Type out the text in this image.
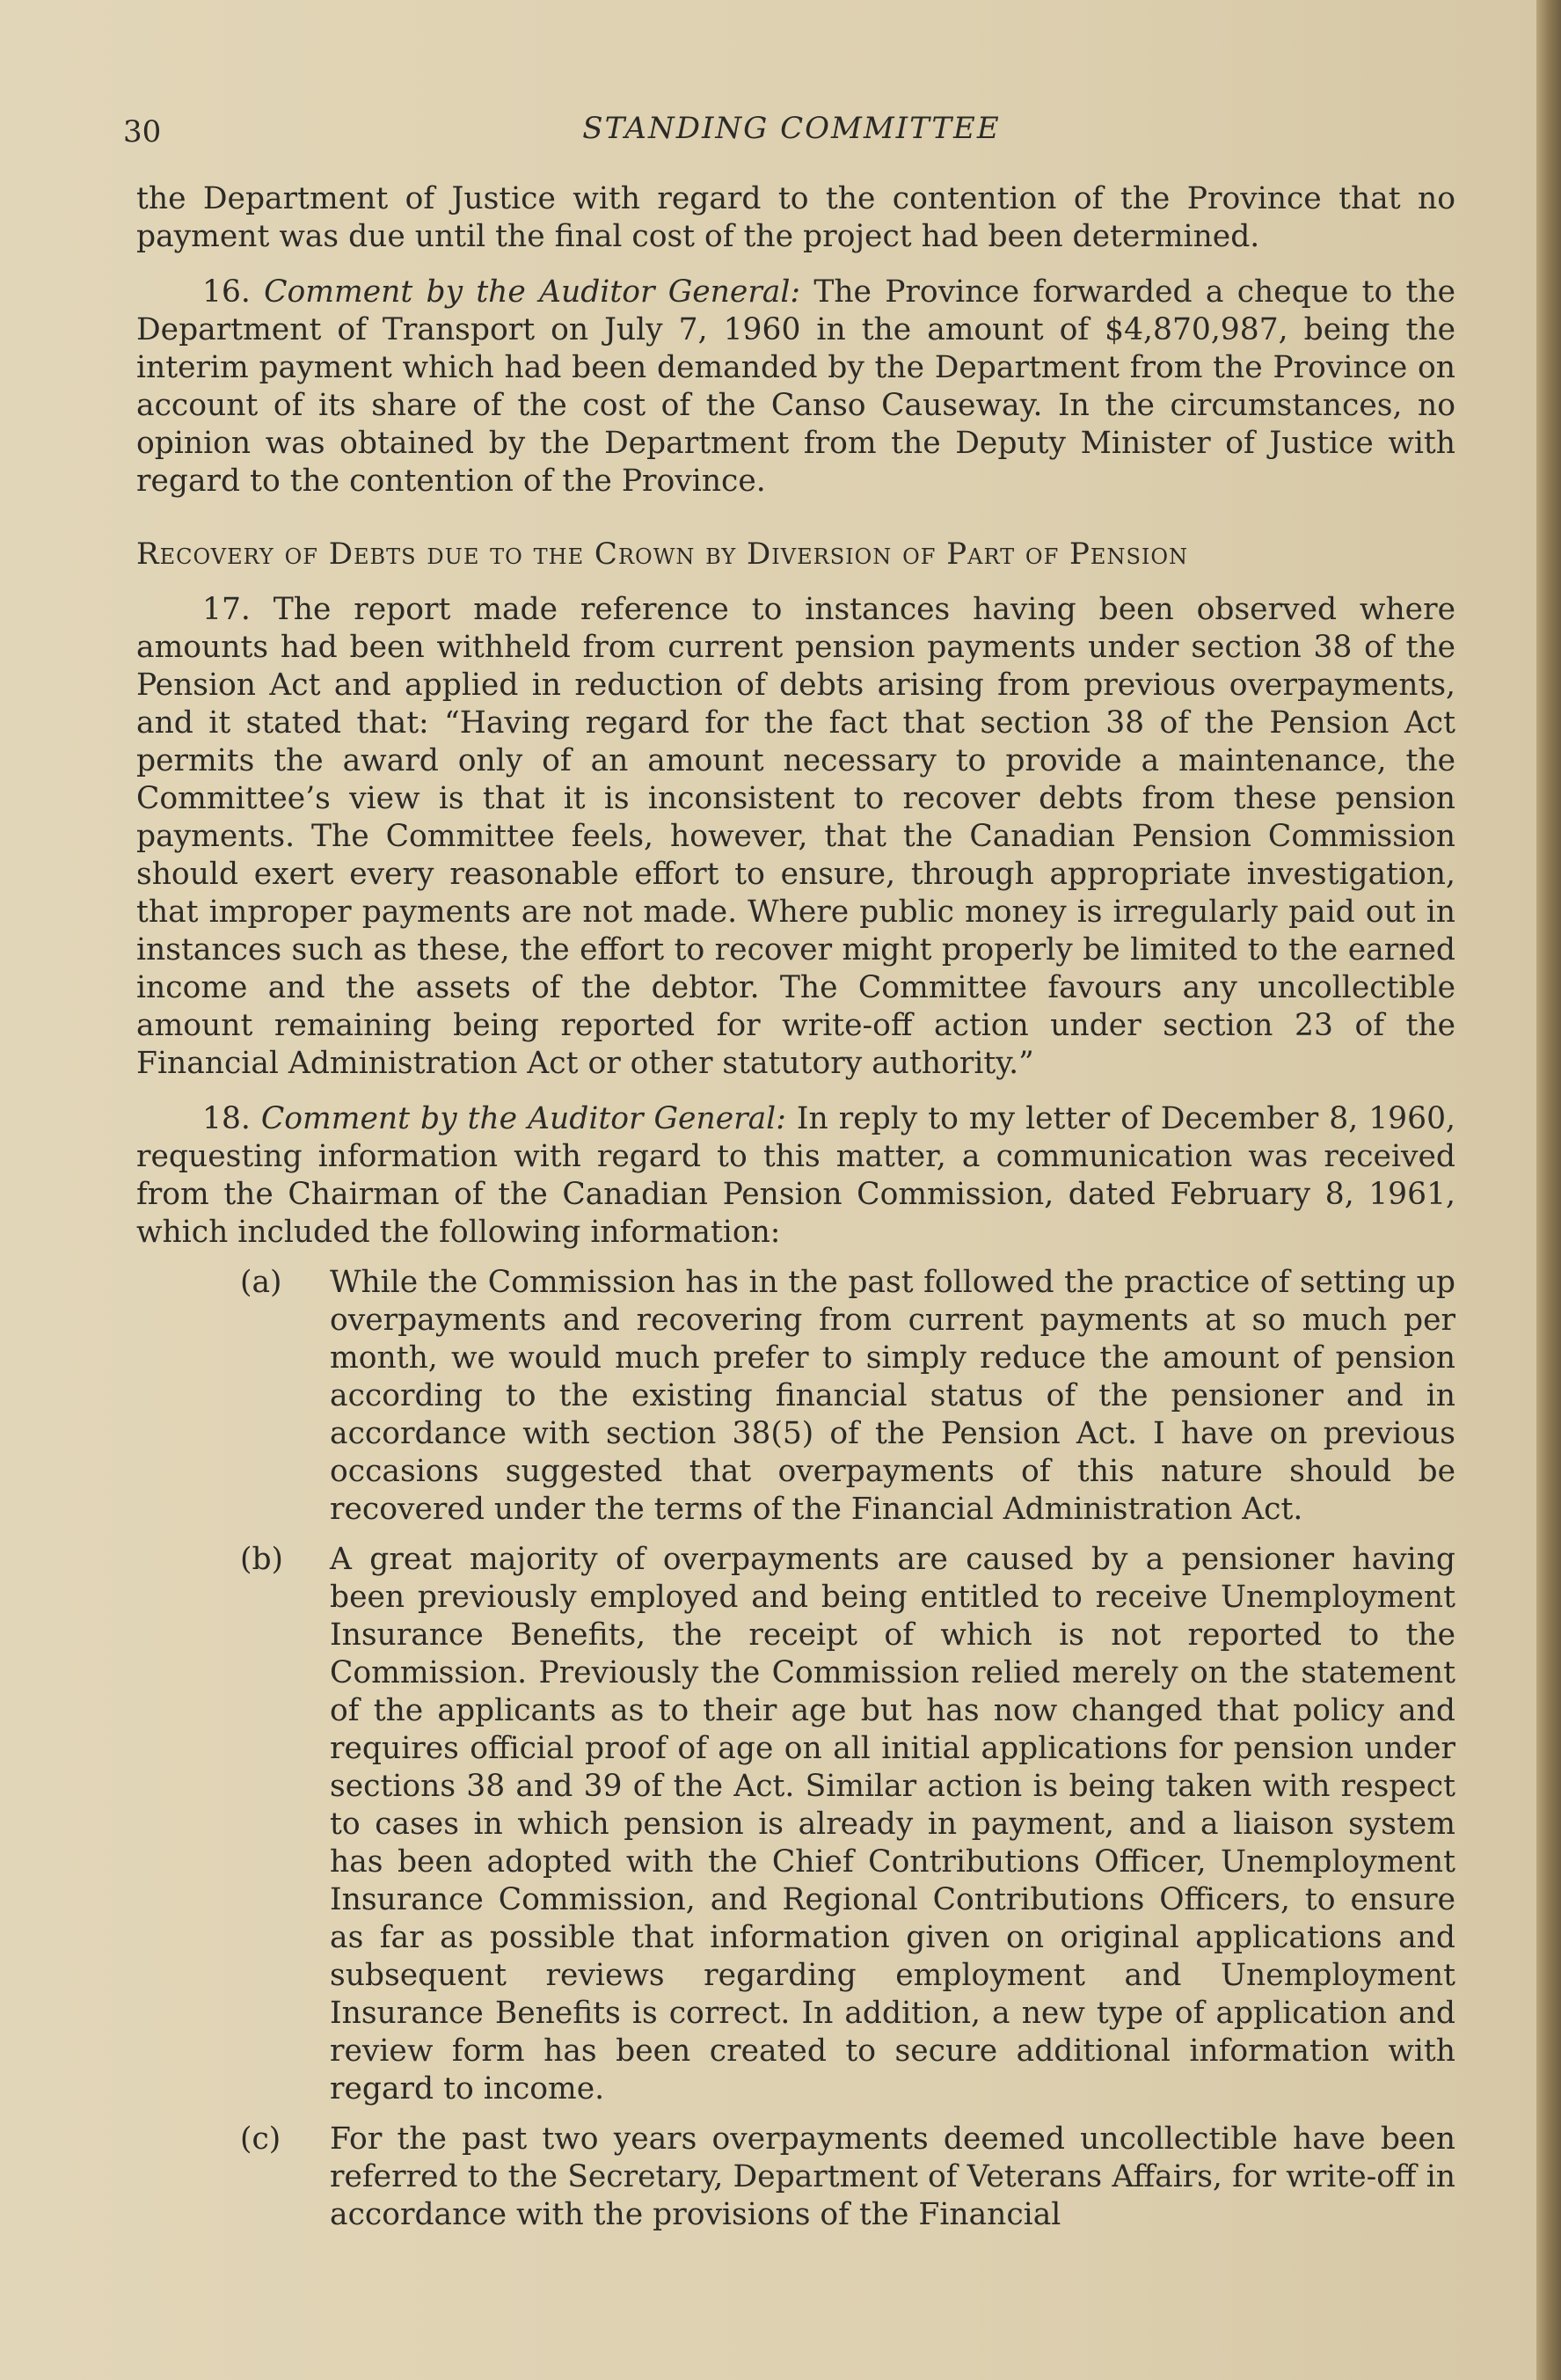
30	STANDING COMMITTEE

the Department of Justice with regard to the contention of the Province that no payment was due until the final cost of the project had been determined.

16. Comment by the Auditor General: The Province forwarded a cheque to the Department of Transport on July 7, 1960 in the amount of $4,870,987, being the interim payment which had been demanded by the Department from the Province on account of its share of the cost of the Canso Causeway. In the circumstances, no opinion was obtained by the Department from the Deputy Minister of Justice with regard to the contention of the Province.

Recovery of Debts due to the Crown by Diversion of Part of Pension

17. The report made reference to instances having been observed where amounts had been withheld from current pension payments under section 38 of the Pension Act and applied in reduction of debts arising from previous overpayments, and it stated that: “Having regard for the fact that section 38 of the Pension Act permits the award only of an amount necessary to provide a maintenance, the Committee’s view is that it is inconsistent to recover debts from these pension payments. The Committee feels, however, that the Canadian Pension Commission should exert every reasonable effort to ensure, through appropriate investigation, that improper payments are not made. Where public money is irregularly paid out in instances such as these, the effort to recover might properly be limited to the earned income and the assets of the debtor. The Committee favours any uncollectible amount remaining being reported for write-off action under section 23 of the Financial Administration Act or other statutory authority.”

18. Comment by the Auditor General: In reply to my letter of December 8, 1960, requesting information with regard to this matter, a communication was received from the Chairman of the Canadian Pension Commission, dated February 8, 1961, which included the following information:

(a) While the Commission has in the past followed the practice of setting up overpayments and recovering from current payments at so much per month, we would much prefer to simply reduce the amount of pension according to the existing financial status of the pensioner and in accordance with section 38(5) of the Pension Act. I have on previous occasions suggested that overpayments of this nature should be recovered under the terms of the Financial Administration Act.

(b) A great majority of overpayments are caused by a pensioner having been previously employed and being entitled to receive Unemployment Insurance Benefits, the receipt of which is not reported to the Commission. Previously the Commission relied merely on the statement of the applicants as to their age but has now changed that policy and requires official proof of age on all initial applications for pension under sections 38 and 39 of the Act. Similar action is being taken with respect to cases in which pension is already in payment, and a liaison system has been adopted with the Chief Contributions Officer, Unemployment Insurance Commission, and Regional Contributions Officers, to ensure as far as possible that information given on original applications and subsequent reviews regarding employment and Unemployment Insurance Benefits is correct. In addition, a new type of application and review form has been created to secure additional information with regard to income.

(c) For the past two years overpayments deemed uncollectible have been referred to the Secretary, Department of Veterans Affairs, for write-off in accordance with the provisions of the Financial
